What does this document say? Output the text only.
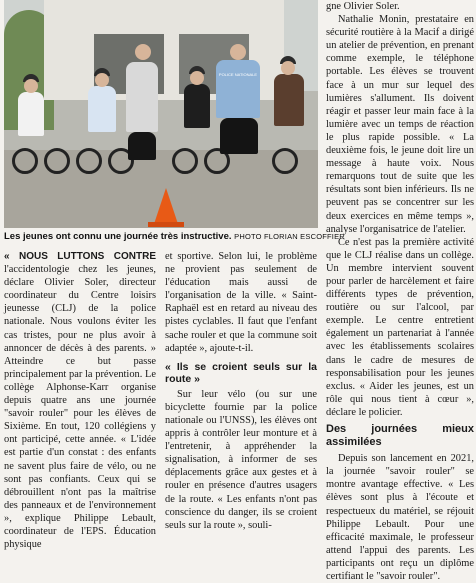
POLICE NATIONALE
Les jeunes ont connu une journée très instructive. PHOTO FLORIAN ESCOFFIER

« NOUS LUTTONS CONTRE l'accidentologie chez les jeunes, déclare Olivier Soler, directeur coordinateur du Centre loisirs jeunesse (CLJ) de la police nationale. Nous voulons éviter les cas tristes, pour ne plus avoir à annoncer de décès à des parents. » Atteindre ce but passe principalement par la prévention. Le collège Alphonse-Karr organise depuis quatre ans une journée "savoir rouler" pour les élèves de Sixième. En tout, 120 collégiens y ont participé, cette année. « L'idée est partie d'un constat : des enfants ne savent plus faire de vélo, ou ne sont pas confiants. Ceux qui se débrouillent n'ont pas la maîtrise des panneaux et de l'environnement », explique Philippe Lebault, coordinateur de l'EPS. Éducation physique

et sportive. Selon lui, le problème ne provient pas seulement de l'éducation mais aussi de l'organisation de la ville. « Saint-Raphaël est en retard au niveau des pistes cyclables. Il faut que l'enfant sache rouler et que la commune soit adaptée », ajoute-t-il.

« Ils se croient seuls sur la route »

Sur leur vélo (ou sur une bicyclette fournie par la police nationale ou l'UNSS), les élèves ont appris à contrôler leur monture et à l'entretenir, à appréhender la signalisation, à informer de ses déplacements grâce aux gestes et à rouler en présence d'autres usagers de la route. « Les enfants n'ont pas conscience du danger, ils se croient seuls sur la route », souli-

gne Olivier Soler.

Nathalie Monin, prestataire en sécurité routière à la Macif a dirigé un atelier de prévention, en prenant comme exemple, le téléphone portable. Les élèves se trouvent face à un mur sur lequel des lumières s'allument. Ils doivent réagir et passer leur main face à la lumière avec un temps de réaction le plus rapide possible. « La deuxième fois, le jeune doit lire un message à haute voix. Nous remarquons tout de suite que les résultats sont bien inférieurs. Ils ne peuvent pas se concentrer sur les deux exercices en même temps », analyse l'organisatrice de l'atelier.

Ce n'est pas la première activité que le CLJ réalise dans un collège. Un membre intervient souvent pour parler de harcèlement et faire différents types de prévention, routière ou sur l'alcool, par exemple. Le centre entretient également un partenariat à l'année avec les établissements scolaires dans le cadre de mesures de responsabilisation pour les jeunes exclus. « Aider les jeunes, est un rôle qui nous tient à cœur », déclare le policier.

Des journées mieux assimilées

Depuis son lancement en 2021, la journée "savoir rouler" se montre avantage effective. « Les élèves sont plus à l'écoute et respectueux du matériel, se réjouit Philippe Lebault. Pour une efficacité maximale, le professeur attend l'appui des parents. Les participants ont reçu un diplôme certifiant le "savoir rouler".
